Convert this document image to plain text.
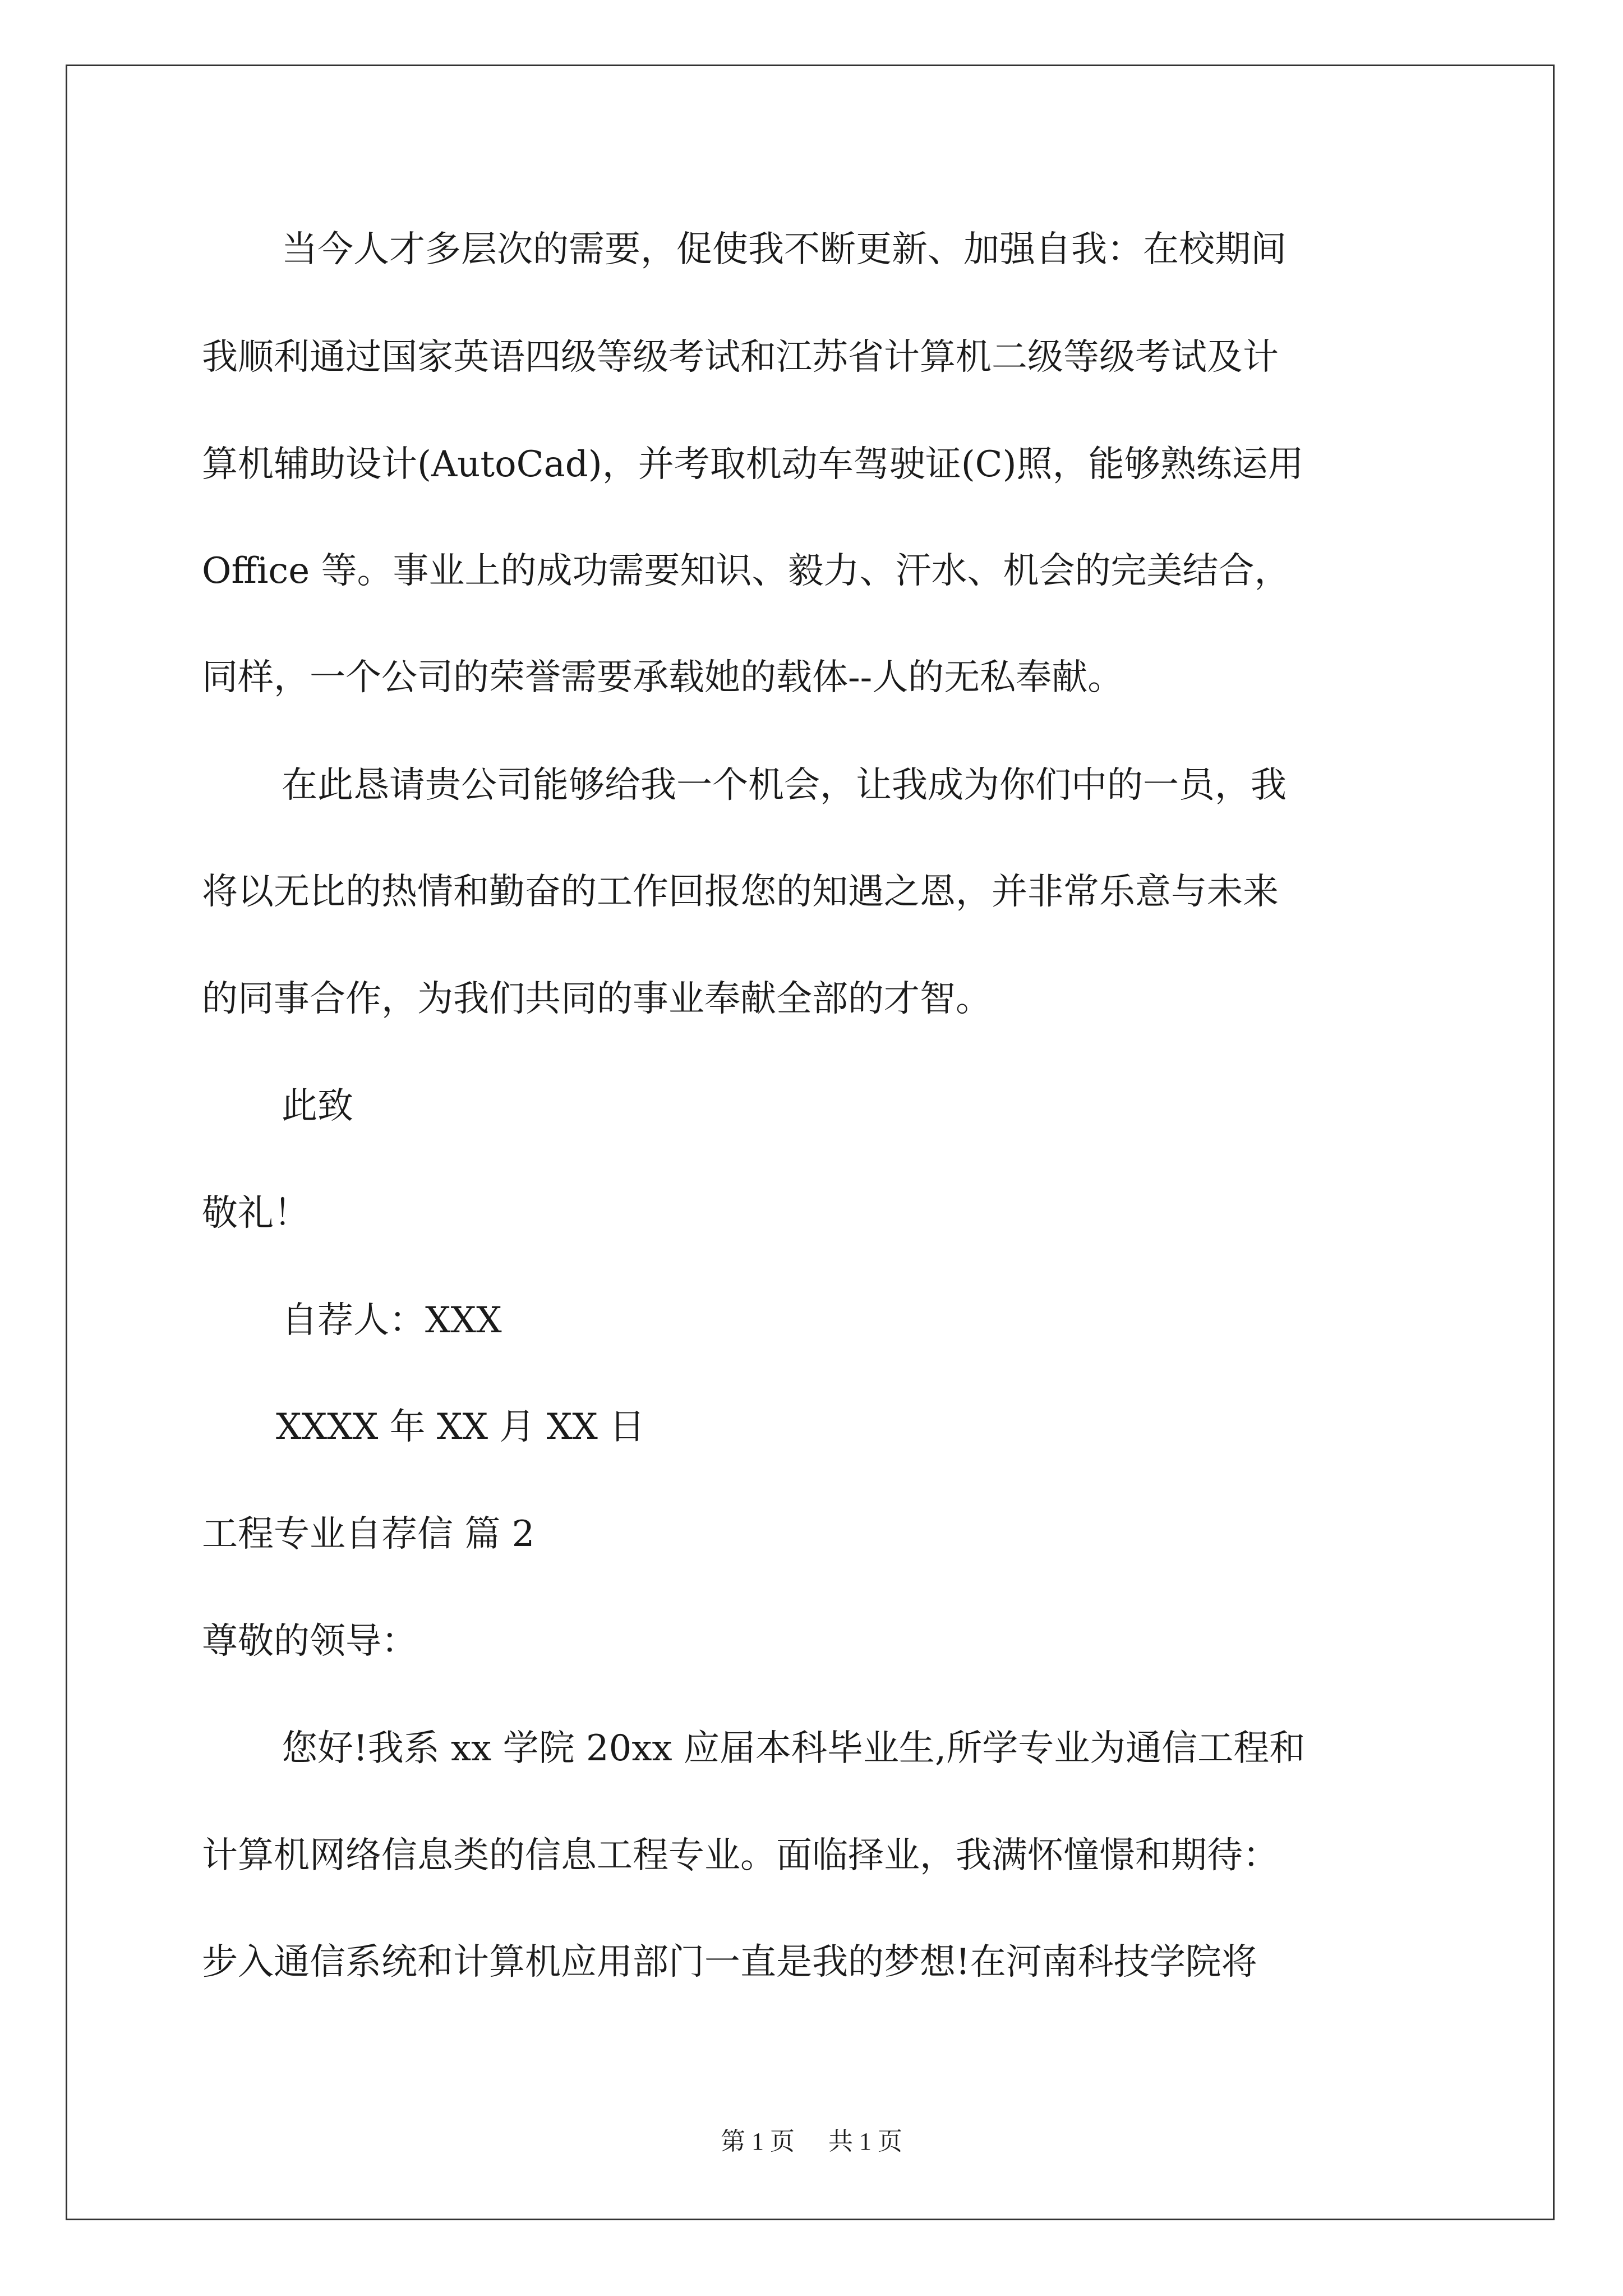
当今人才多层次的需要，促使我不断更新、加强自我：在校期间

我顺利通过国家英语四级等级考试和江苏省计算机二级等级考试及计

算机辅助设计(AutoCad)，并考取机动车驾驶证(C)照，能够熟练运用

Office 等。事业上的成功需要知识、毅力、汗水、机会的完美结合，

同样，一个公司的荣誉需要承载她的载体--人的无私奉献。

在此恳请贵公司能够给我一个机会，让我成为你们中的一员，我

将以无比的热情和勤奋的工作回报您的知遇之恩，并非常乐意与未来

的同事合作，为我们共同的事业奉献全部的才智。

此致

敬礼！

自荐人：XXX

XXXX 年 XX 月 XX 日

工程专业自荐信 篇 2

尊敬的领导：

您好!我系 xx 学院 20xx 应届本科毕业生,所学专业为通信工程和

计算机网络信息类的信息工程专业。面临择业，我满怀憧憬和期待：

步入通信系统和计算机应用部门一直是我的梦想!在河南科技学院将

第 1 页 共 1 页
